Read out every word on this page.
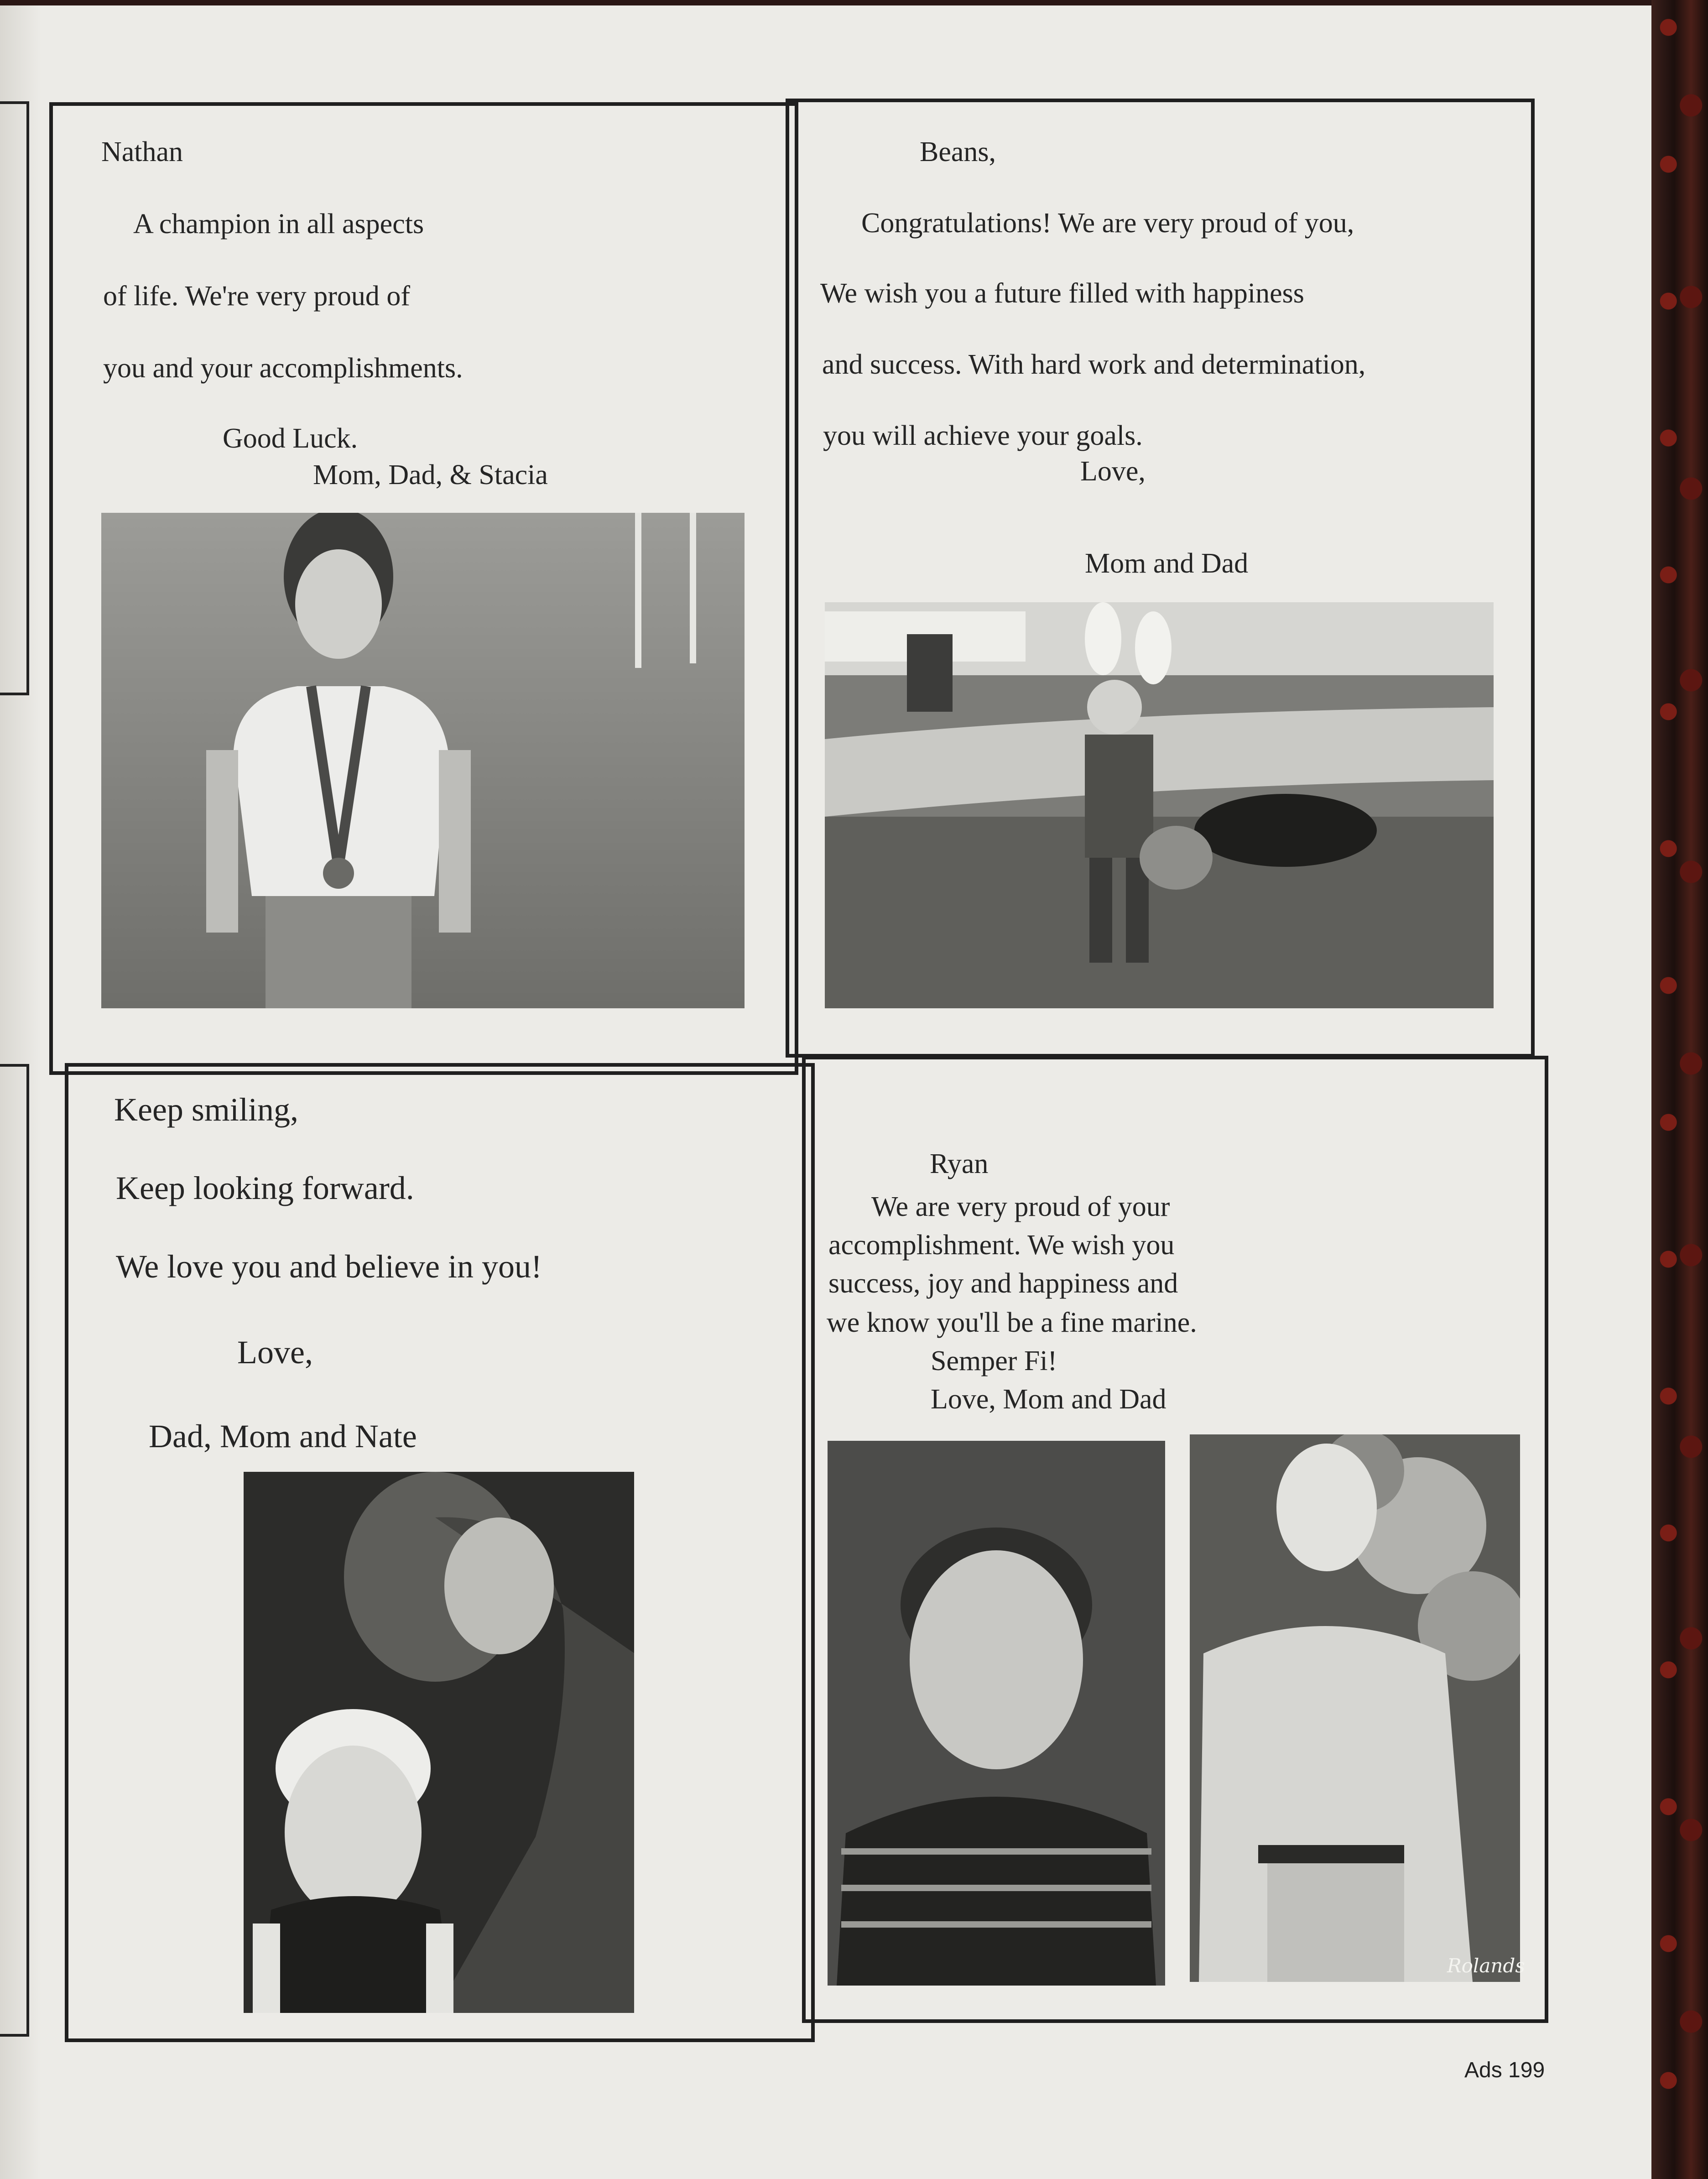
Nathan
A champion in all aspects
of life. We're very proud of
you and your accomplishments.
Good Luck.
Mom, Dad, & Stacia
Beans,
Congratulations! We are very proud of you,
We wish you a future filled with happiness
and success. With hard work and determination,
you will achieve your goals.
Love,
Mom and Dad
Keep smiling,
Keep looking forward.
We love you and believe in you!
Love,
Dad, Mom and Nate
Ryan
We are very proud of your
accomplishment. We wish you
success, joy and happiness and
we know you'll be a fine marine.
Semper Fi!
Love, Mom and Dad
Rolands
Ads 199
